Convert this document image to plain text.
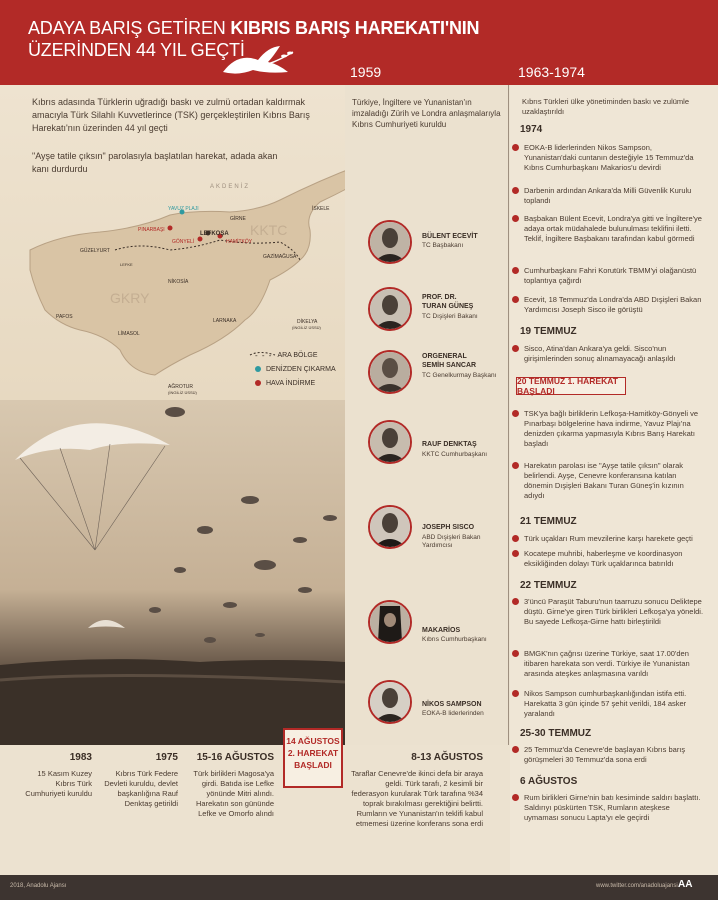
ADAYA BARIŞ GETİREN KIBRIS BARIŞ HAREKATI'NIN
ÜZERİNDEN 44 YIL GEÇTİ
1959	1963-1974
Kıbrıs adasında Türklerin uğradığı baskı ve zulmü ortadan kaldırmak amacıyla Türk Silahlı Kuvvetlerince (TSK) gerçekleştirilen Kıbrıs Barış Harekatı'nın üzerinden 44 yıl geçti
"Ayşe tatile çıksın" parolasıyla başlatılan harekat, adada akan kanı durdurdu
AKDENİZ
KKTC
GKRY
YAVUZ PLAJI
PINARBAŞI
GÖNYELİ
LEFKOŞA
HAMİTKÖY
GİRNE
İSKELE
GAZİMAĞUSA
GÜZELYURT
LEFKE
NİKOSİA
PAFOS
LİMASOL
LARNAKA	DİKELYA
(İNGİLİZ ÜSSÜ)
AĞROTUR
(İNGİLİZ ÜSSÜ)
- - - ARA BÖLGE
DENİZDEN ÇIKARMA
HAVA İNDİRME
Türkiye, İngiltere ve Yunanistan'ın imzaladığı Zürih ve Londra anlaşmalarıyla Kıbrıs Cumhuriyeti kuruldu
BÜLENT ECEVİT
TC Başbakanı
PROF. DR.
TURAN GÜNEŞ
TC Dışişleri Bakanı
ORGENERAL
SEMİH SANCAR
TC Genelkurmay Başkanı
RAUF DENKTAŞ
KKTC Cumhurbaşkanı
JOSEPH SISCO
ABD Dışişleri Bakan Yardımcısı
MAKARİOS
Kıbrıs Cumhurbaşkanı
NİKOS SAMPSON
EOKA-B liderlerinden
Kıbrıs Türkleri ülke yönetiminden baskı ve zulümle uzaklaştırıldı
1974
EOKA-B liderlerinden Nikos Sampson, Yunanistan'daki cuntanın desteğiyle 15 Temmuz'da Kıbrıs Cumhurbaşkanı Makarios'u devirdi
Darbenin ardından Ankara'da Milli Güvenlik Kurulu toplandı
Başbakan Bülent Ecevit, Londra'ya gitti ve İngiltere'ye adaya ortak müdahalede bulunulması teklifini iletti. Teklif, İngiltere Başbakanı tarafından kabul görmedi
Cumhurbaşkanı Fahri Korutürk TBMM'yi olağanüstü toplantıya çağırdı
Ecevit, 18 Temmuz'da Londra'da ABD Dışişleri Bakan Yardımcısı Joseph Sisco ile görüştü
19 TEMMUZ
Sisco, Atina'dan Ankara'ya geldi. Sisco'nun girişimlerinden sonuç alınamayacağı anlaşıldı
20 TEMMUZ 1. HAREKAT BAŞLADI
TSK'ya bağlı birliklerin Lefkoşa-Hamitköy-Gönyeli ve Pınarbaşı bölgelerine hava indirme, Yavuz Plajı'na denizden çıkarma yapmasıyla Kıbrıs Barış Harekatı başladı
Harekatın parolası ise "Ayşe tatile çıksın" olarak belirlendi. Ayşe, Cenevre konferansına katılan dönemin Dışişleri Bakanı Turan Güneş'in kızının adıydı
21 TEMMUZ
Türk uçakları Rum mevzilerine karşı harekete geçti
Kocatepe muhribi, haberleşme ve koordinasyon eksikliğinden dolayı Türk uçaklarınca batırıldı
22 TEMMUZ
3'üncü Paraşüt Taburu'nun taarruzu sonucu Deliktepe düştü. Girne'ye giren Türk birlikleri Lefkoşa'ya yöneldi. Bu sayede Lefkoşa-Girne hattı birleştirildi
BMGK'nın çağrısı üzerine Türkiye, saat 17.00'den itibaren harekata son verdi. Türkiye ile Yunanistan arasında ateşkes anlaşmasına varıldı
Nikos Sampson cumhurbaşkanlığından istifa etti. Harekatta 3 gün içinde 57 şehit verildi, 184 asker yaralandı
25-30 TEMMUZ
25 Temmuz'da Cenevre'de başlayan Kıbrıs barış görüşmeleri 30 Temmuz'da sona erdi
6 AĞUSTOS
Rum birlikleri Girne'nin batı kesiminde saldırı başlattı. Saldırıyı püskürten TSK, Rumların ateşkese uymaması sonucu Lapta'yı ele geçirdi
1983
15 Kasım Kuzey Kıbrıs Türk Cumhuriyeti kuruldu
1975
Kıbrıs Türk Federe Devleti kuruldu, devlet başkanlığına Rauf Denktaş getirildi
15-16 AĞUSTOS
Türk birlikleri Magosa'ya girdi. Batıda ise Lefke yönünde Mitri alındı. Harekatın son gününde Lefke ve Omorfo alındı
14 AĞUSTOS 2. HAREKAT BAŞLADI
8-13 AĞUSTOS
Taraflar Cenevre'de ikinci defa bir araya geldi. Türk tarafı, 2 kesimli bir federasyon kurularak Türk tarafına %34 toprak bırakılması gerektiğini belirtti. Rumların ve Yunanistan'ın teklifi kabul etmemesi üzerine konferans sona erdi
2018, Anadolu Ajansı	www.twitter.com/anadoluajansi AA
